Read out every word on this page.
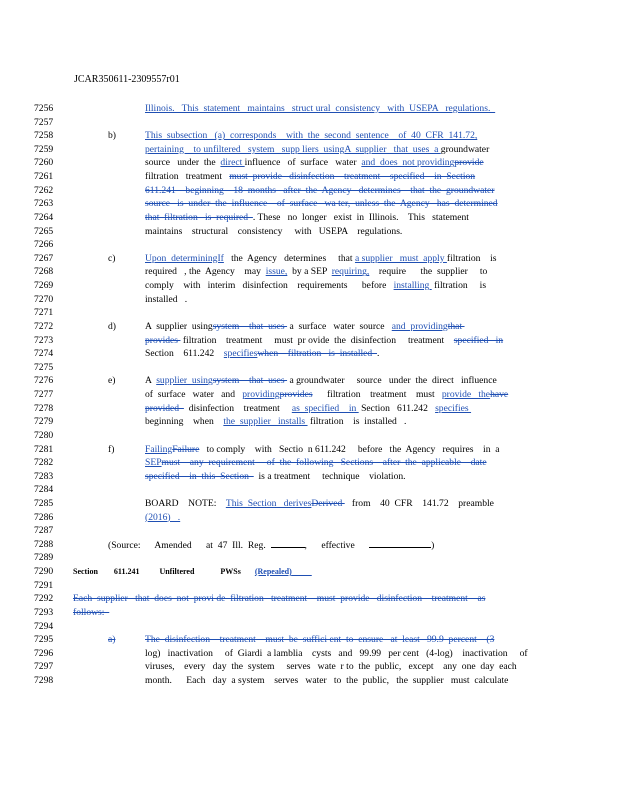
JCAR350611-2309557r01
7256	Illinois.   This  statement   maintains   struct ural  consistency   with  USEPA   regulations.
7257
7258	b)	This  subsection   (a)  corresponds    with  the  second  sentence    of  40  CFR  141.72,
7259	pertaining    to unfiltered   system   supp liers  usingA  supplier   that  uses  a groundwater
7260	source   under  the  direct influence   of  surface   water  and  does  not providingprovide
7261	filtration   treatment   must  provide   disinfection    treatment    specified    in  Section
7262	611.241    beginning    18  months   after  the  Agency   determines    that  the  groundwater
7263	source   is  under  the  influence    of  surface   wa ter,  unless  the  Agency   has  determined
7264	that  filtration   is  required  . These   no  longer   exist  in  Illinois.    This   statement
7265	maintains    structural    consistency     with   USEPA    regulations.
7266
7267	c)	Upon  determiningIf   the  Agency   determines     that a supplier   must  apply filtration    is
7268	required   , the  Agency    may  issue,  by a SEP  requiring,    require      the  supplier     to
7269	comply    with   interim   disinfection    requirements      before   installing  filtration     is
7270	installed   .
7271
7272	d)	A  supplier  usingsystem    that  uses  a  surface   water  source   and  providingthat
7273	provides  filtration    treatment     must  pr ovide  the  disinfection     treatment    specified   in
7274	Section    611.242    specifieswhen    filtration   is  installed  .
7275
7276	e)	A  supplier  usingsystem    that  uses  a groundwater     source   under  the  direct   influence
7277	of  surface   water   and   providingprovides      filtration    treatment    must   provide   thehave
7278	provided    disinfection    treatment     as  specified    in  Section   611.242   specifies
7279	beginning    when    the  supplier   installs  filtration    is  installed   .
7280
7281	f)	FailingFailure   to comply    with   Sectio  n 611.242     before   the  Agency   requires    in  a
7282	SEPmust    any  requirement     of  the  following   Sections    after  the  applicable    date
7283	specified    in  this  Section    is a treatment     technique    violation.
7284
7285	BOARD    NOTE:    This  Section   derivesDerived    from    40  CFR    141.72    preamble
7286	(2016)   .
7287
7288	(Source:      Amended      at  47  Ill.  Reg.	,      effective	)
7289
7290	Section        611.241          Unfiltered             PWSs       (Repealed)
7291
7292	Each  supplier   that  does  not  provi de  filtration   treatment    must  provide   disinfection    treatment    as
7293	follows:
7294
7295	a)	The  disinfection    treatment    must  be  suffici ent  to  ensure   at  least   99.9  percent    (3
7296	log)   inactivation     of  Giardi  a lamblia    cysts   and   99.99   per cent   (4-log)    inactivation     of
7297	viruses,    every   day  the  system     serves   wate  r to  the  public,   except    any  one  day  each
7298	month.      Each   day  a system    serves   water   to  the  public,   the  supplier   must  calculate
